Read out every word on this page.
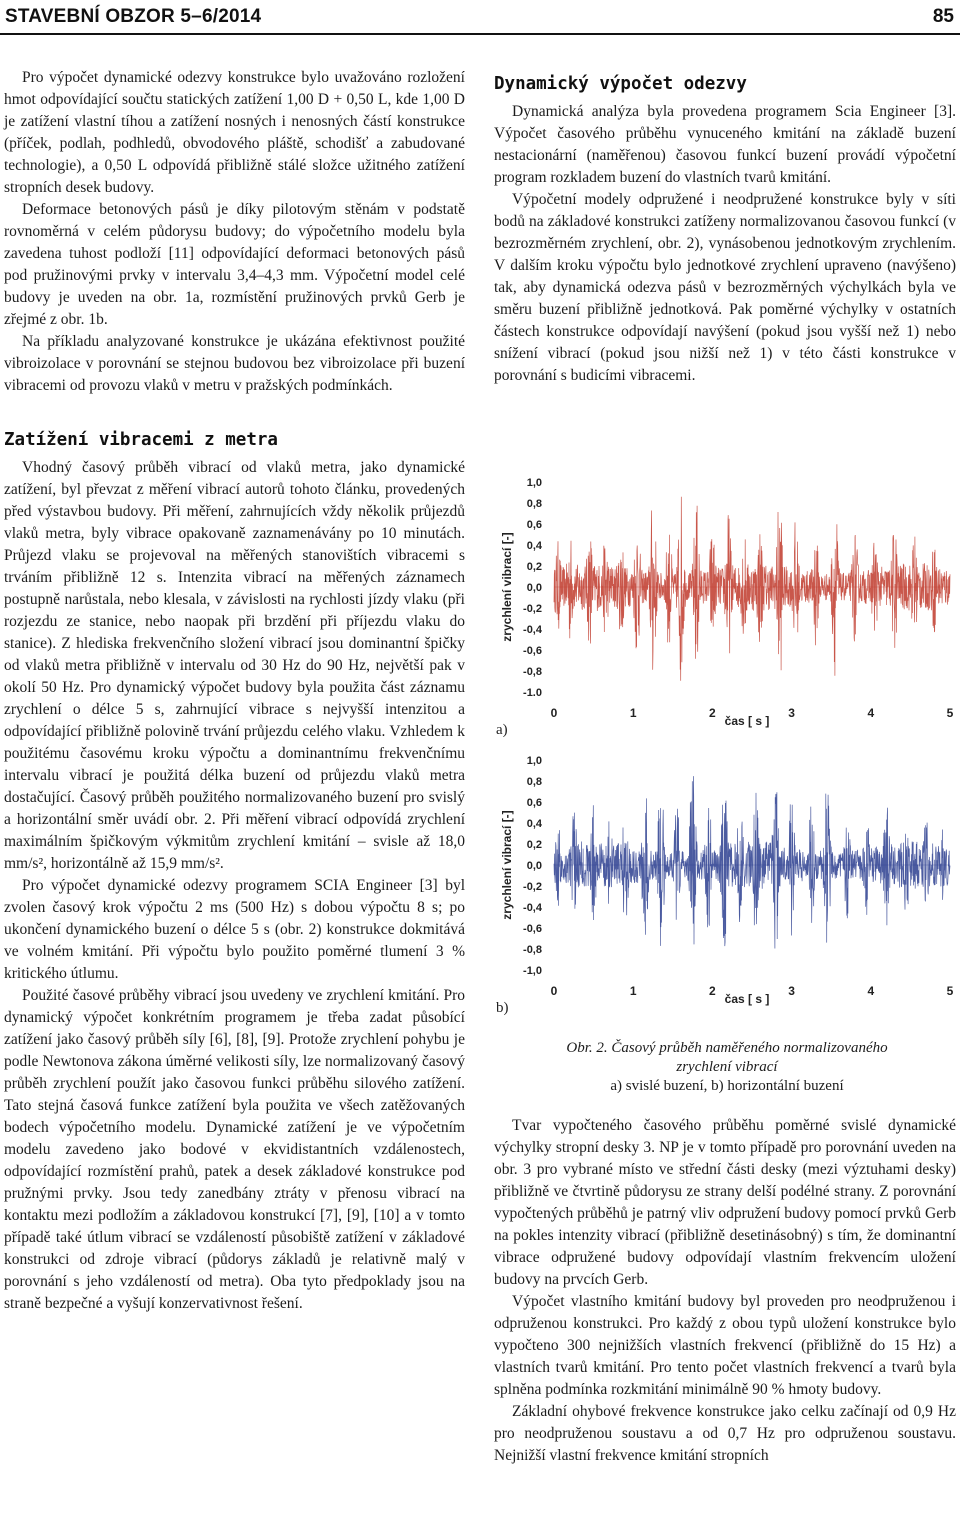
STAVEBNÍ OBZOR 5–6/2014	85

Pro výpočet dynamické odezvy konstrukce bylo uvažováno rozložení hmot odpovídající součtu statických zatížení 1,00 D + 0,50 L, kde 1,00 D je zatížení vlastní tíhou a zatížení nosných i nenosných částí konstrukce (příček, podlah, podhledů, obvodového pláště, schodišť a zabudované technologie), a 0,50 L odpovídá přibližně stálé složce užitného zatížení stropních desek budovy.

Deformace betonových pásů je díky pilotovým stěnám v podstatě rovnoměrná v celém půdorysu budovy; do výpočetního modelu byla zavedena tuhost podloží [11] odpovídající deformaci betonových pásů pod pružinovými prvky v intervalu 3,4–4,3 mm. Výpočetní model celé budovy je uveden na obr. 1a, rozmístění pružinových prvků Gerb je zřejmé z obr. 1b.

Na příkladu analyzované konstrukce je ukázána efektivnost použité vibroizolace v porovnání se stejnou budovou bez vibroizolace při buzení vibracemi od provozu vlaků v metru v pražských podmínkách.

Zatížení vibracemi z metra

Vhodný časový průběh vibrací od vlaků metra, jako dynamické zatížení, byl převzat z měření vibrací autorů tohoto článku, provedených před výstavbou budovy. Při měření, zahrnujících vždy několik průjezdů vlaků metra, byly vibrace opakovaně zaznamenávány po 10 minutách. Průjezd vlaku se projevoval na měřených stanovištích vibracemi s trváním přibližně 12 s. Intenzita vibrací na měřených záznamech postupně narůstala, nebo klesala, v závislosti na rychlosti jízdy vlaku (při rozjezdu ze stanice, nebo naopak při brzdění při příjezdu vlaku do stanice). Z hlediska frekvenčního složení vibrací jsou dominantní špičky od vlaků metra přibližně v intervalu od 30 Hz do 90 Hz, největší pak v okolí 50 Hz. Pro dynamický výpočet budovy byla použita část záznamu zrychlení o délce 5 s, zahrnující vibrace s nejvyšší intenzitou a odpovídající přibližně polovině trvání průjezdu celého vlaku. Vzhledem k použitému časovému kroku výpočtu a dominantnímu frekvenčnímu intervalu vibrací je použitá délka buzení od průjezdu vlaků metra dostačující. Časový průběh použitého normalizovaného buzení pro svislý a horizontální směr uvádí obr. 2. Při měření vibrací odpovídá zrychlení maximálním špičkovým výkmitům zrychlení kmitání – svisle až 18,0 mm/s², horizontálně až 15,9 mm/s².

Pro výpočet dynamické odezvy programem SCIA Engineer [3] byl zvolen časový krok výpočtu 2 ms (500 Hz) s dobou výpočtu 8 s; po ukončení dynamického buzení o délce 5 s (obr. 2) konstrukce dokmitává ve volném kmitání. Při výpočtu bylo použito poměrné tlumení 3 % kritického útlumu.

Použité časové průběhy vibrací jsou uvedeny ve zrychlení kmitání. Pro dynamický výpočet konkrétním programem je třeba zadat působící zatížení jako časový průběh síly [6], [8], [9]. Protože zrychlení pohybu je podle Newtonova zákona úměrné velikosti síly, lze normalizovaný časový průběh zrychlení použít jako časovou funkci průběhu silového zatížení. Tato stejná časová funkce zatížení byla použita ve všech zatěžovaných bodech výpočetního modelu. Dynamické zatížení je ve výpočetním modelu zavedeno jako bodové v ekvidistantních vzdálenostech, odpovídající rozmístění prahů, patek a desek základové konstrukce pod pružnými prvky. Jsou tedy zanedbány ztráty v přenosu vibrací na kontaktu mezi podložím a základovou konstrukcí [7], [9], [10] a v tomto případě také útlum vibrací se vzdáleností působiště zatížení v základové konstrukci od zdroje vibrací (půdorys základů je relativně malý v porovnání s jeho vzdáleností od metra). Oba tyto předpoklady jsou na straně bezpečné a vyšují konzervativnost řešení.

Dynamický výpočet odezvy

Dynamická analýza byla provedena programem Scia Engineer [3]. Výpočet časového průběhu vynuceného kmitání na základě buzení nestacionární (naměřenou) časovou funkcí buzení provádí výpočetní program rozkladem buzení do vlastních tvarů kmitání.

Výpočetní modely odpružené i neodpružené konstrukce byly v síti bodů na základové konstrukci zatíženy normalizovanou časovou funkcí (v bezrozměrném zrychlení, obr. 2), vynásobenou jednotkovým zrychlením. V dalším kroku výpočtu bylo jednotkové zrychlení upraveno (navýšeno) tak, aby dynamická odezva pásů v bezrozměrných výchylkách byla ve směru buzení přibližně jednotková. Pak poměrné výchylky v ostatních částech konstrukce odpovídají navýšení (pokud jsou vyšší než 1) nebo snížení vibrací (pokud jsou nižší než 1) v této části konstrukce v porovnání s budicími vibracemi.

1,0
0,8
0,6
0,4
0,2
0,0
-0,2
-0,4
-0,6
-0,8
-1.0
0	1	2	3	4	5
čas [ s ]
zrychlení vibrací [-]
a)
1,0
0,8
0,6
0,4
0,2
0,0
-0,2
-0,4
-0,6
-0,8
-1,0
0	1	2	3	4	5
čas [ s ]
zrychlení vibrací [-]
b)
Obr. 2. Časový průběh naměřeného normalizovaného
zrychlení vibrací
a) svislé buzení, b) horizontální buzení

Tvar vypočteného časového průběhu poměrné svislé dynamické výchylky stropní desky 3. NP je v tomto případě pro porovnání uveden na obr. 3 pro vybrané místo ve střední části desky (mezi výztuhami desky) přibližně ve čtvrtině půdorysu ze strany delší podélné strany. Z porovnání vypočtených průběhů je patrný vliv odpružení budovy pomocí prvků Gerb na pokles intenzity vibrací (přibližně desetinásobný) s tím, že dominantní vibrace odpružené budovy odpovídají vlastním frekvencím uložení budovy na prvcích Gerb.

Výpočet vlastního kmitání budovy byl proveden pro neodpruženou i odpruženou konstrukci. Pro každý z obou typů uložení konstrukce bylo vypočteno 300 nejnižších vlastních frekvencí (přibližně do 15 Hz) a vlastních tvarů kmitání. Pro tento počet vlastních frekvencí a tvarů byla splněna podmínka rozkmitání minimálně 90 % hmoty budovy.

Základní ohybové frekvence konstrukce jako celku začínají od 0,9 Hz pro neodpruženou soustavu a od 0,7 Hz pro odpruženou soustavu. Nejnižší vlastní frekvence kmitání stropních
